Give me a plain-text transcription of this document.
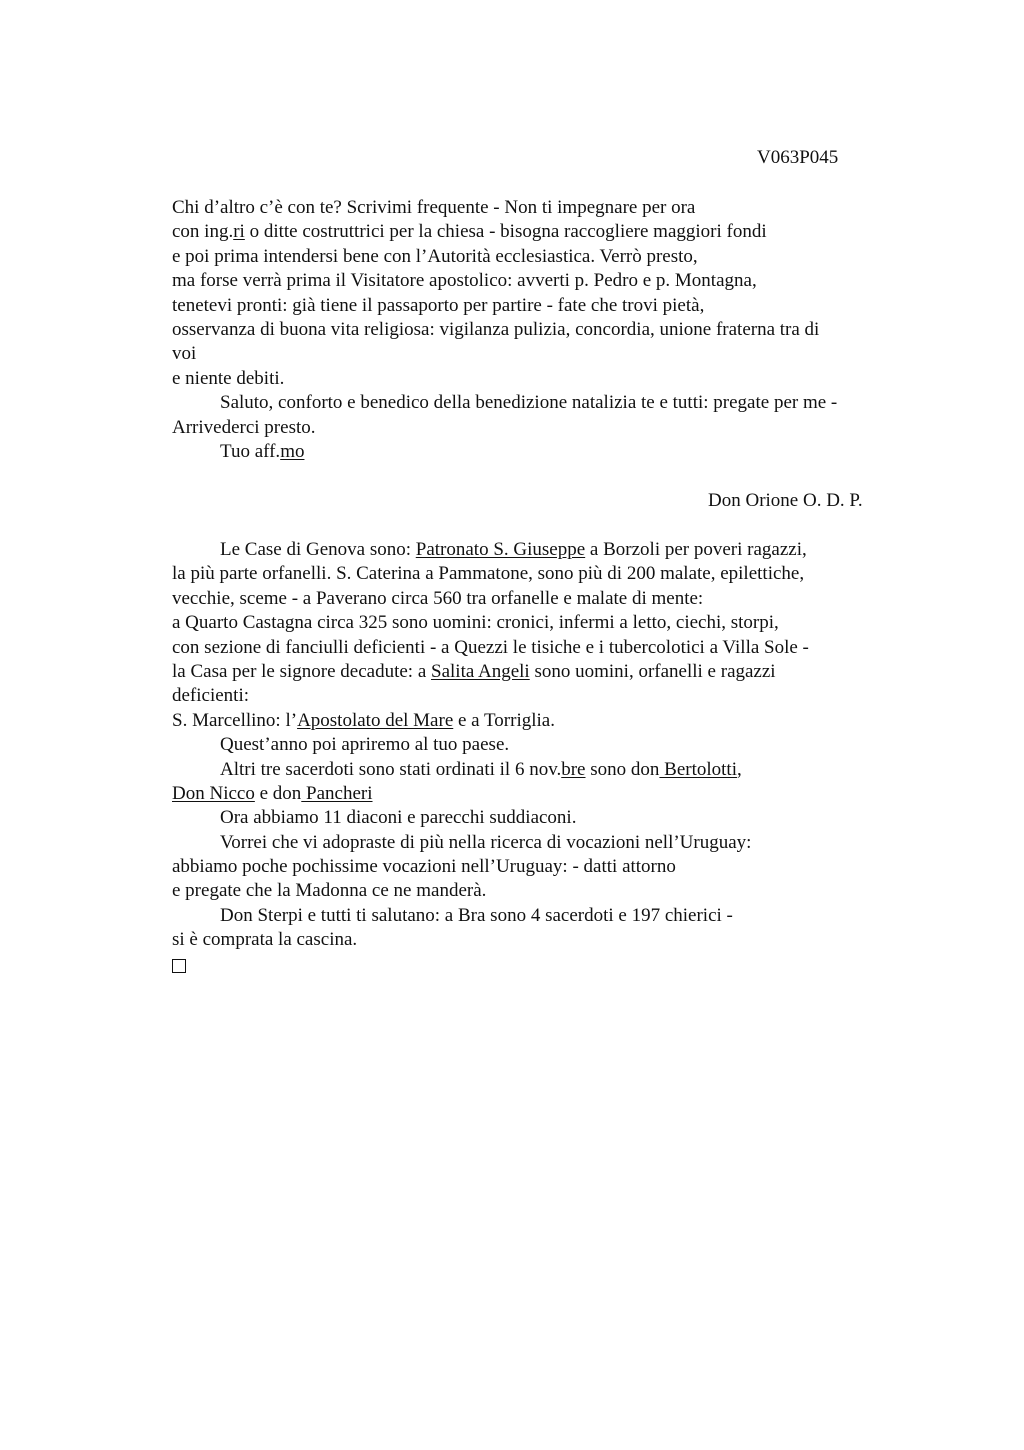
V063P045
Chi d’altro c’è con te? Scrivimi frequente - Non ti impegnare per ora
con ing.ri o ditte costruttrici per la chiesa - bisogna raccogliere maggiori fondi
e poi prima intendersi bene con l’Autorità ecclesiastica. Verrò presto,
ma forse verrà prima il Visitatore apostolico: avverti p. Pedro e p. Montagna,
tenetevi pronti: già tiene il passaporto per partire - fate che trovi pietà,
osservanza di buona vita religiosa: vigilanza pulizia, concordia, unione fraterna tra di
voi
e niente debiti.
Saluto, conforto e benedico della benedizione natalizia te e tutti: pregate per me -
Arrivederci presto.
Tuo aff.mo
Don Orione O. D. P.
Le Case di Genova sono: Patronato S. Giuseppe a Borzoli per poveri ragazzi,
la più parte orfanelli. S. Caterina a Pammatone, sono più di 200 malate, epilettiche,
vecchie, sceme - a Paverano circa 560 tra orfanelle e malate di mente:
a Quarto Castagna circa 325 sono uomini: cronici, infermi a letto, ciechi, storpi,
con sezione di fanciulli deficienti - a Quezzi le tisiche e i tubercolotici a Villa Sole -
la Casa per le signore decadute: a Salita Angeli sono uomini, orfanelli e ragazzi
deficienti:
S. Marcellino: l’Apostolato del Mare e a Torriglia.
Quest’anno poi apriremo al tuo paese.
Altri tre sacerdoti sono stati ordinati il 6 nov.bre sono don Bertolotti,
Don Nicco e don Pancheri
Ora abbiamo 11 diaconi e parecchi suddiaconi.
Vorrei che vi adopraste di più nella ricerca di vocazioni nell’Uruguay:
abbiamo poche pochissime vocazioni nell’Uruguay: - datti attorno
e pregate che la Madonna ce ne manderà.
Don Sterpi e tutti ti salutano: a Bra sono 4 sacerdoti e 197 chierici -
si è comprata la cascina.
